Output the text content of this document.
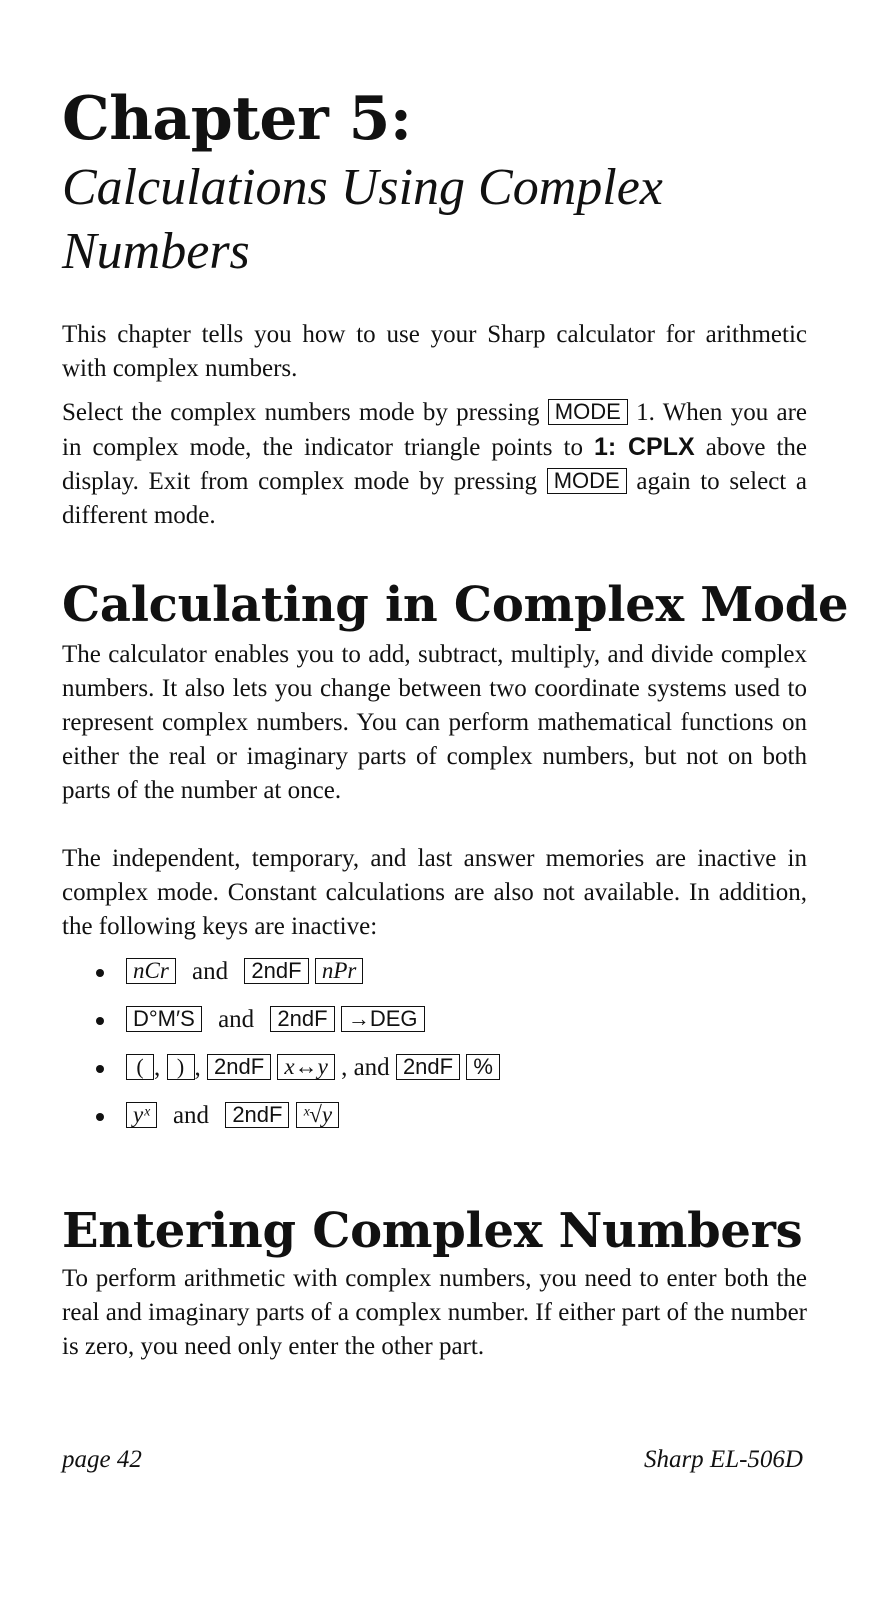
Chapter 5:
Calculations Using Complex Numbers

This chapter tells you how to use your Sharp calculator for arithmetic with complex numbers.

Select the complex numbers mode by pressing MODE 1. When you are in complex mode, the indicator triangle points to 1: CPLX above the display. Exit from complex mode by pressing MODE again to select a different mode.

Calculating in Complex Mode

The calculator enables you to add, subtract, multiply, and divide complex numbers. It also lets you change between two coordinate systems used to represent complex numbers. You can perform mathematical functions on either the real or imaginary parts of complex numbers, but not on both parts of the number at once.

The independent, temporary, and last answer memories are inactive in complex mode. Constant calculations are also not available. In addition, the following keys are inactive:

nCr and 2ndF nPr
D°M′S and 2ndF →DEG
( , ) , 2ndF x↔y , and 2ndF %
yˣ and 2ndF ˣ√y
Entering Complex Numbers

To perform arithmetic with complex numbers, you need to enter both the real and imaginary parts of a complex number. If either part of the number is zero, you need only enter the other part.

page 42	Sharp EL-506D
